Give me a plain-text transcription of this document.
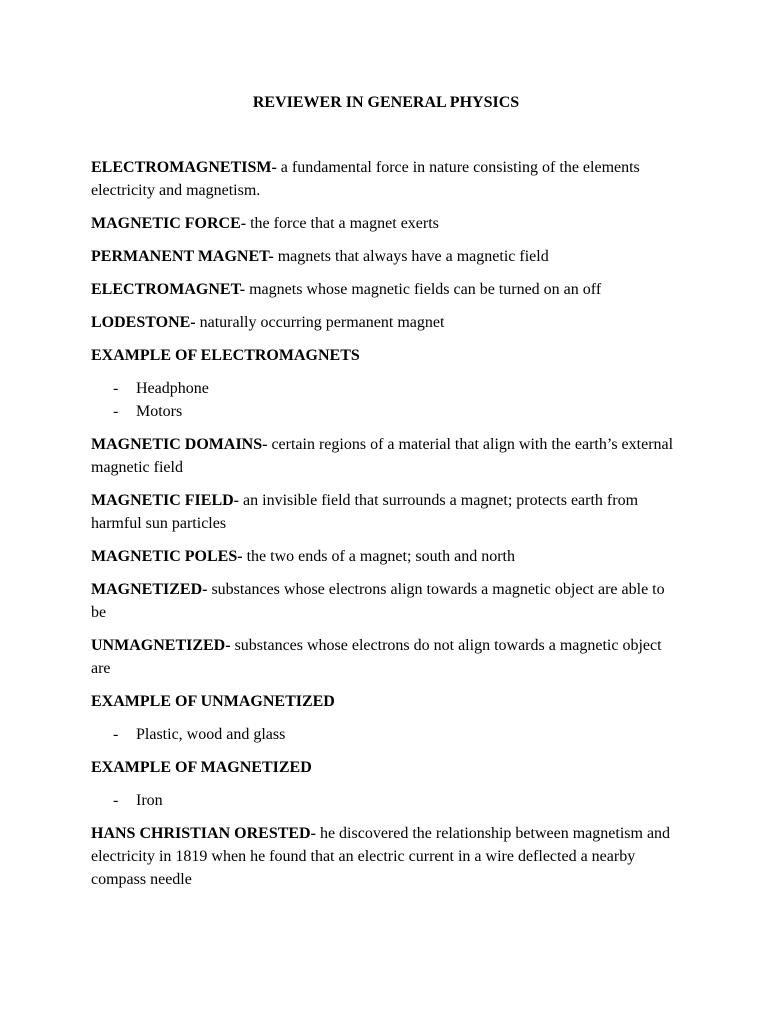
REVIEWER IN GENERAL PHYSICS

ELECTROMAGNETISM- a fundamental force in nature consisting of the elements electricity and magnetism.

MAGNETIC FORCE- the force that a magnet exerts

PERMANENT MAGNET- magnets that always have a magnetic field

ELECTROMAGNET- magnets whose magnetic fields can be turned on an off

LODESTONE- naturally occurring permanent magnet

EXAMPLE OF ELECTROMAGNETS

- Headphone
- Motors

MAGNETIC DOMAINS- certain regions of a material that align with the earth’s external magnetic field

MAGNETIC FIELD- an invisible field that surrounds a magnet; protects earth from harmful sun particles

MAGNETIC POLES- the two ends of a magnet; south and north

MAGNETIZED- substances whose electrons align towards a magnetic object are able to be

UNMAGNETIZED- substances whose electrons do not align towards a magnetic object are

EXAMPLE OF UNMAGNETIZED

- Plastic, wood and glass

EXAMPLE OF MAGNETIZED

- Iron

HANS CHRISTIAN ORESTED- he discovered the relationship between magnetism and electricity in 1819 when he found that an electric current in a wire deflected a nearby compass needle
